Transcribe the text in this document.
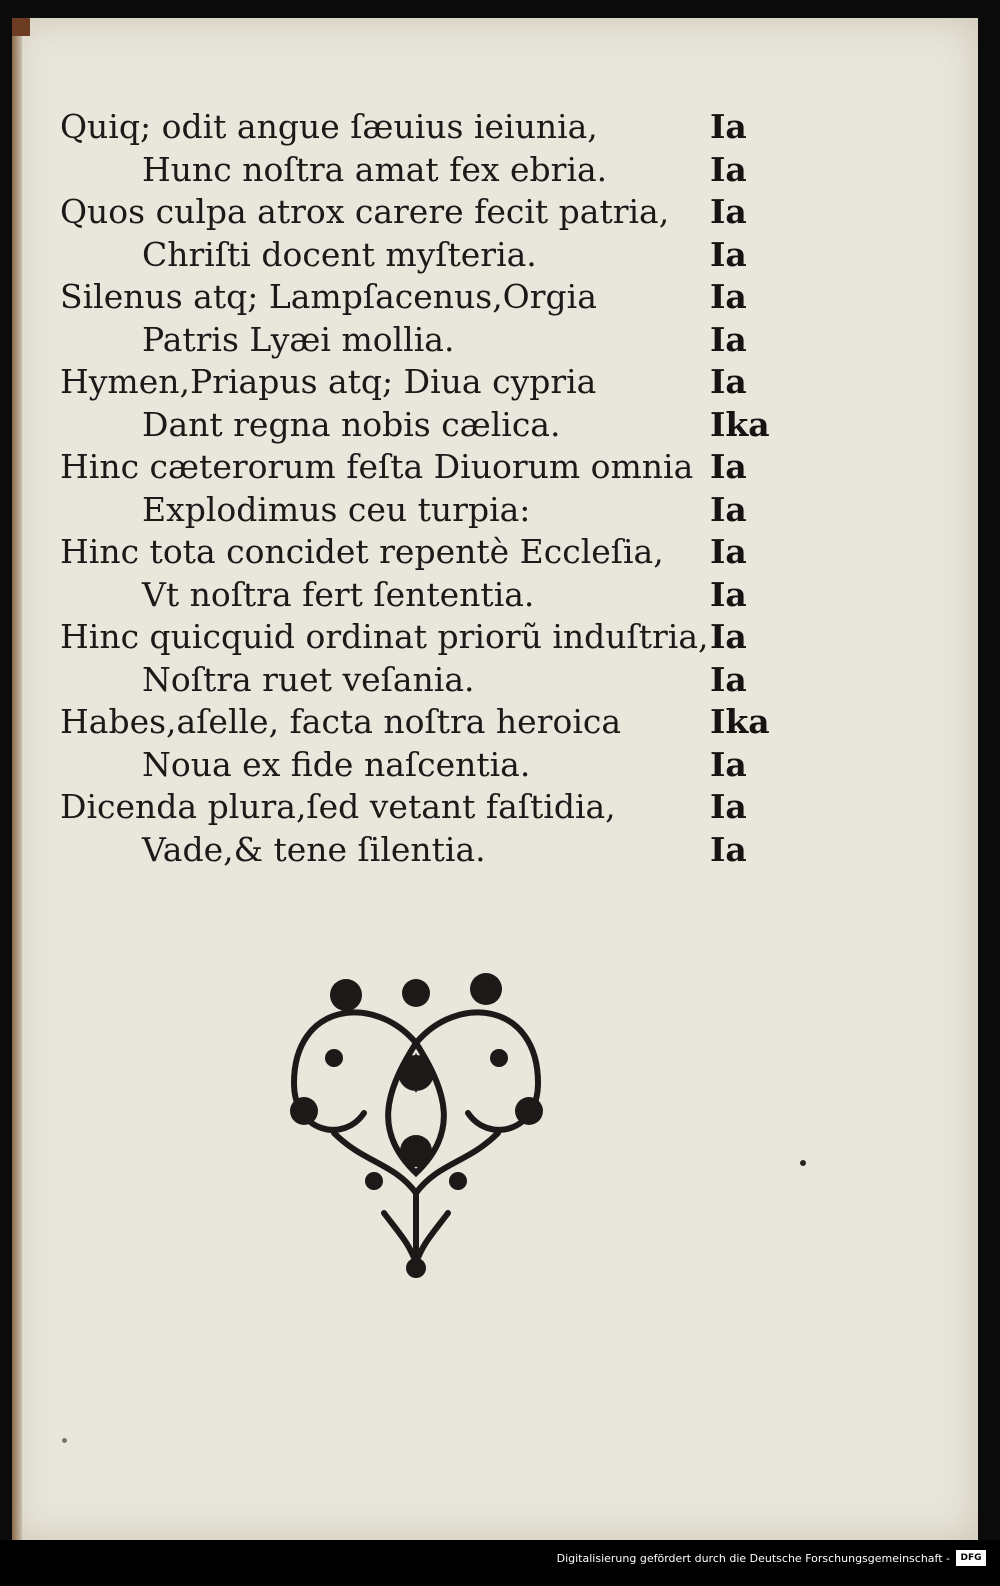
Quiq; odit angue ſæuius ieiunia,	Ia
Hunc noſtra amat fex ebria.	Ia
Quos culpa atrox carere fecit patria, Ia
Chriſti docent myſteria.	Ia
Silenus atq; Lampſacenus,Orgia	Ia
Patris Lyæi mollia.	Ia
Hymen,Priapus atq; Diua cypria	Ia
Dant regna nobis cælica.	Ika
Hinc cæterorum feſta Diuorum omnia Ia
Explodimus ceu turpia:	Ia
Hinc tota concidet repentè Eccleſia, Ia
Vt noſtra fert ſententia.	Ia
Hinc quicquid ordinat priorũ induſtria, Ia
Noſtra ruet veſania.	Ia
Habes,aſelle, facta noſtra heroica	Ika
Noua ex fide naſcentia.	Ia
Dicenda plura,ſed vetant faſtidia,	Ia
Vade,& tene ſilentia.	Ia
Digitalisierung gefördert durch die Deutsche Forschungsgemeinschaft -	DFG
